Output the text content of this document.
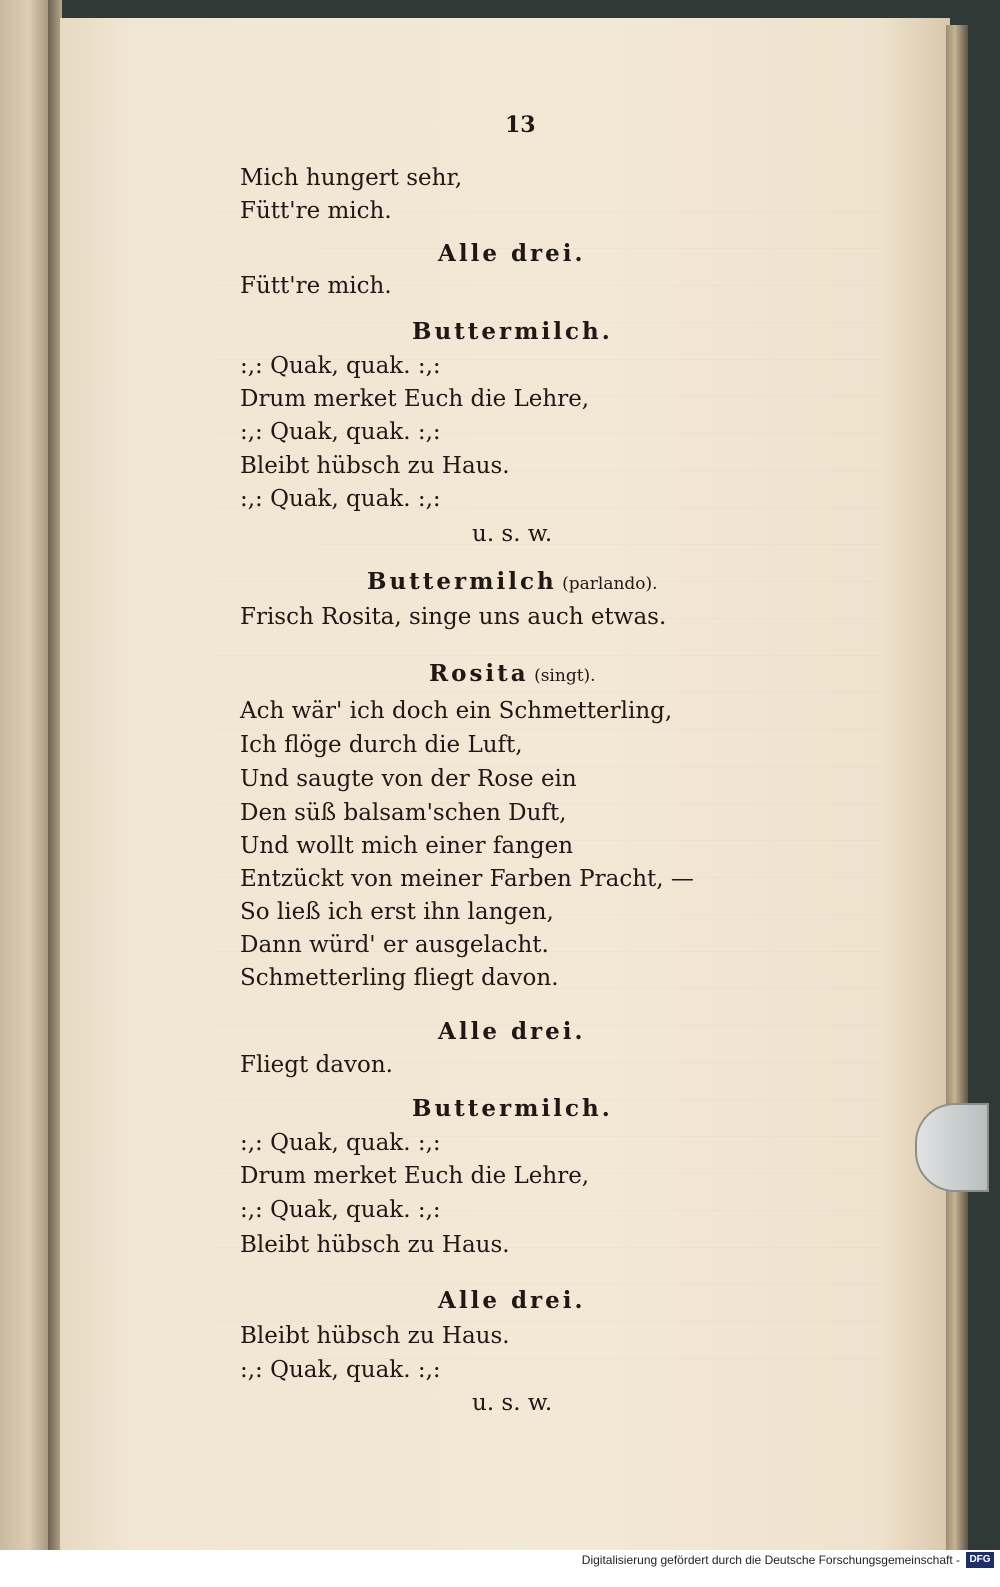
13
Mich hungert sehr,
Fütt're mich.
Alle drei.
Fütt're mich.
Buttermilch.
:,: Quak, quak. :,:
Drum merket Euch die Lehre,
:,: Quak, quak. :,:
Bleibt hübsch zu Haus.
:,: Quak, quak. :,:
u. s. w.
Buttermilch (parlando).
Frisch Rosita, singe uns auch etwas.
Rosita (singt).
Ach wär' ich doch ein Schmetterling,
Ich flöge durch die Luft,
Und saugte von der Rose ein
Den süß balsam'schen Duft,
Und wollt mich einer fangen
Entzückt von meiner Farben Pracht, —
So ließ ich erst ihn langen,
Dann würd' er ausgelacht.
Schmetterling fliegt davon.
Alle drei.
Fliegt davon.
Buttermilch.
:,: Quak, quak. :,:
Drum merket Euch die Lehre,
:,: Quak, quak. :,:
Bleibt hübsch zu Haus.
Alle drei.
Bleibt hübsch zu Haus.
:,: Quak, quak. :,:
u. s. w.
Digitalisierung gefördert durch die Deutsche Forschungsgemeinschaft - DFG
